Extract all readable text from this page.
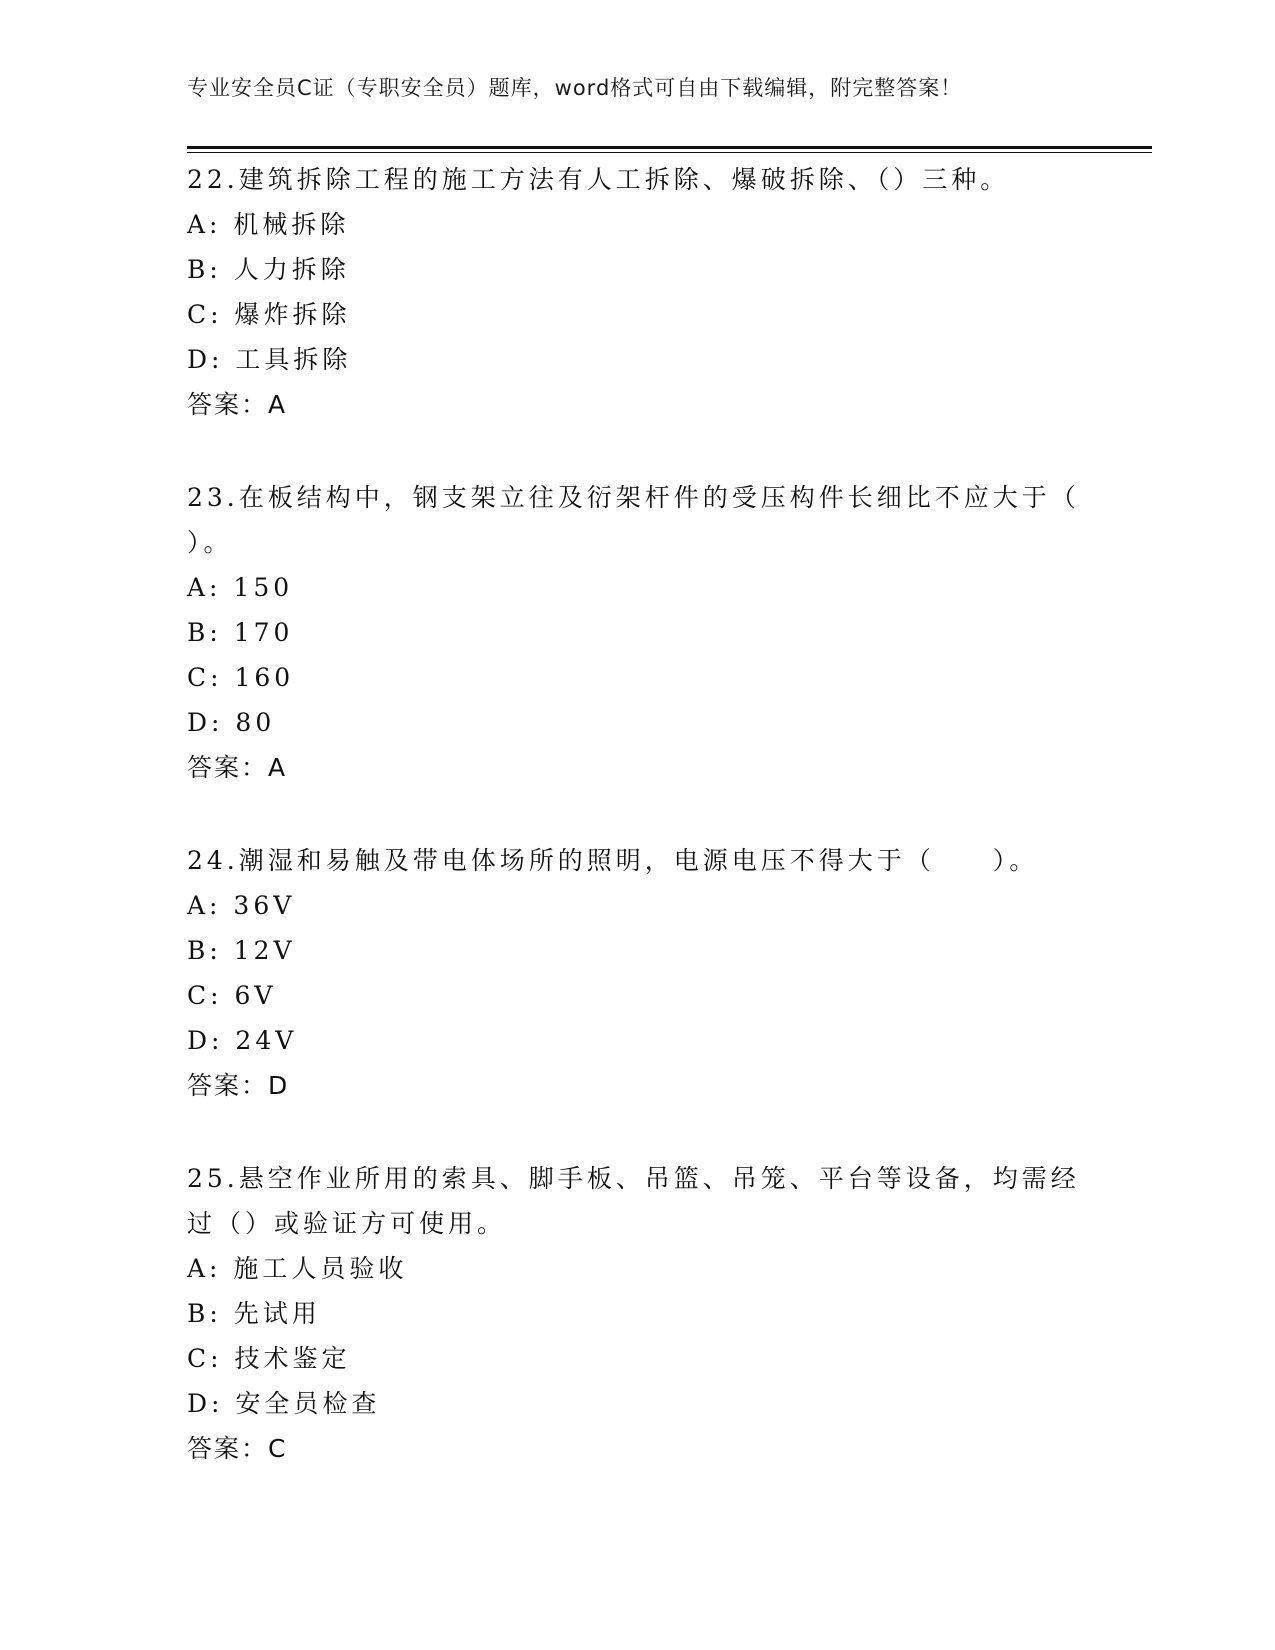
专业安全员C证（专职安全员）题库，word格式可自由下载编辑，附完整答案！

22.建筑拆除工程的施工方法有人工拆除、爆破拆除、（）三种。

A: 机械拆除

B: 人力拆除

C: 爆炸拆除

D: 工具拆除

答案：A

23.在板结构中，钢支架立往及衍架杆件的受压构件长细比不应大于（
）。

A: 150

B: 170

C: 160

D: 80

答案：A

24.潮湿和易触及带电体场所的照明，电源电压不得大于（　　）。

A: 36V

B: 12V

C: 6V

D: 24V

答案：D

25.悬空作业所用的索具、脚手板、吊篮、吊笼、平台等设备，均需经
过（）或验证方可使用。

A: 施工人员验收

B: 先试用

C: 技术鉴定

D: 安全员检查

答案：C
